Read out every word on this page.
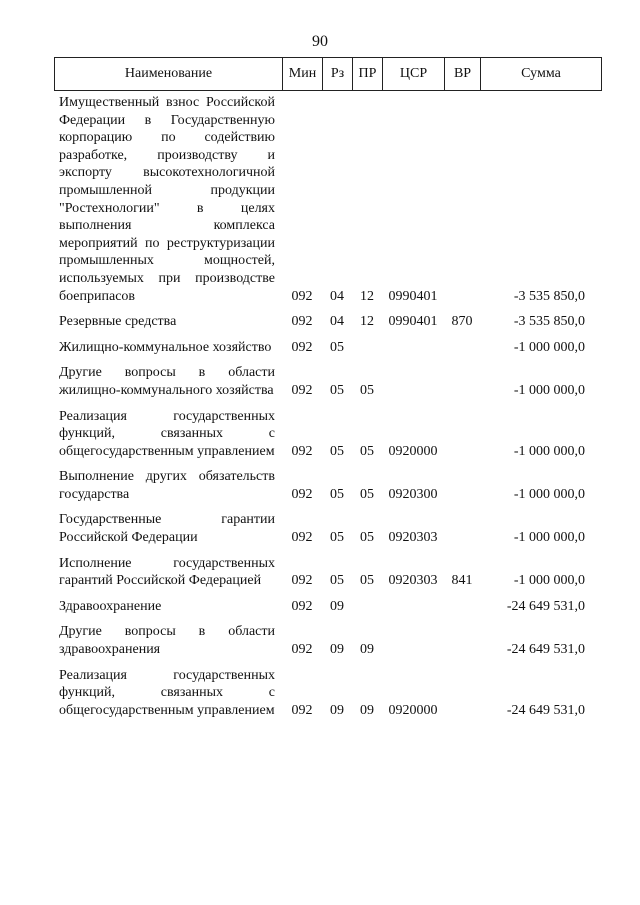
90
Наименование	Мин	Рз	ПР	ЦСР	ВР	Сумма
Имущественный взнос Российской Федерации в Государственную корпорацию по содействию разработке, производству и экспорту высокотехнологичной промышленной продукции "Ростехнологии" в целях выполнения комплекса мероприятий по реструктуризации промышленных мощностей, используемых при производстве боеприпасов	092	04	12	0990401		-3 535 850,0

Резервные средства	092	04	12	0990401	870	-3 535 850,0

Жилищно-коммунальное хозяйство	092	05				-1 000 000,0

Другие вопросы в области жилищно-коммунального хозяйства	092	05	05			-1 000 000,0

Реализация государственных функций, связанных с общегосударственным управлением	092	05	05	0920000		-1 000 000,0

Выполнение других обязательств государства	092	05	05	0920300		-1 000 000,0

Государственные гарантии Российской Федерации	092	05	05	0920303		-1 000 000,0

Исполнение государственных гарантий Российской Федерацией	092	05	05	0920303	841	-1 000 000,0

Здравоохранение	092	09				-24 649 531,0

Другие вопросы в области здравоохранения	092	09	09			-24 649 531,0

Реализация государственных функций, связанных с общегосударственным управлением	092	09	09	0920000		-24 649 531,0
